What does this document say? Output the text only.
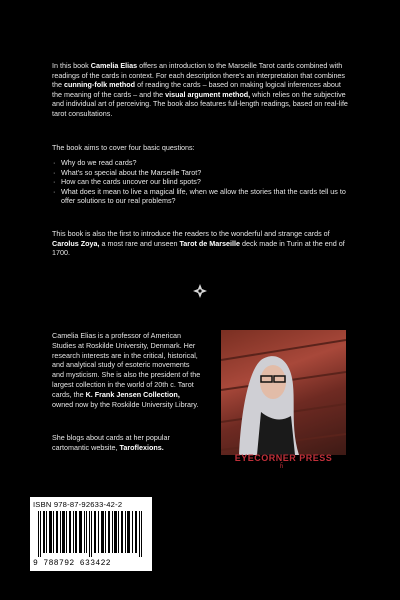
In this book Camelia Elias offers an introduction to the Marseille Tarot cards combined with readings of the cards in context. For each description there's an interpretation that combines the cunning-folk method of reading the cards – based on making logical inferences about the meaning of the cards – and the visual argument method, which relies on the subjective and individual art of perceiving. The book also features full-length readings, based on real-life tarot consultations.

The book aims to cover four basic questions:

· Why do we read cards?
· What's so special about the Marseille Tarot?
· How can the cards uncover our blind spots?
· What does it mean to live a magical life, when we allow the stories that the cards tell us to offer solutions to our real problems?

This book is also the first to introduce the readers to the wonderful and strange cards of Carolus Zoya, a most rare and unseen Tarot de Marseille deck made in Turin at the end of 1700.

Camelia Elias is a professor of American Studies at Roskilde University, Denmark. Her research interests are in the critical, historical, and analytical study of esoteric movements and mysticism. She is also the president of the largest collection in the world of 20th c. Tarot cards, the K. Frank Jensen Collection, owned now by the Roskilde University Library.

She blogs about cards at her popular cartomantic website, Taroflexions.

EYECORNER PRESS
ĥ
ISBN 978-87-92633-42-2
9 788792 633422
